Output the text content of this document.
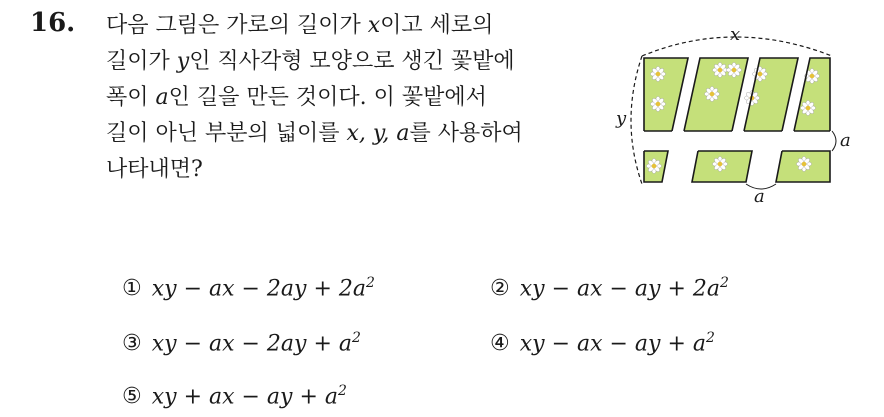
16. 다음 그림은 가로의 길이가 x이고 세로의
길이가 y인 직사각형 모양으로 생긴 꽃밭에
폭이 a인 길을 만든 것이다. 이 꽃밭에서
길이 아닌 부분의 넓이를 x, y, a를 사용하여
나타내면?

x
y
a
a
① xy − ax − $2ay + 2a^2$	② xy − ax − ay + $2a^2$
③ xy − ax − $2ay + a^2$	④ xy − ax − ay + $a^2$
⑤ xy + ax − ay + $a^2$
